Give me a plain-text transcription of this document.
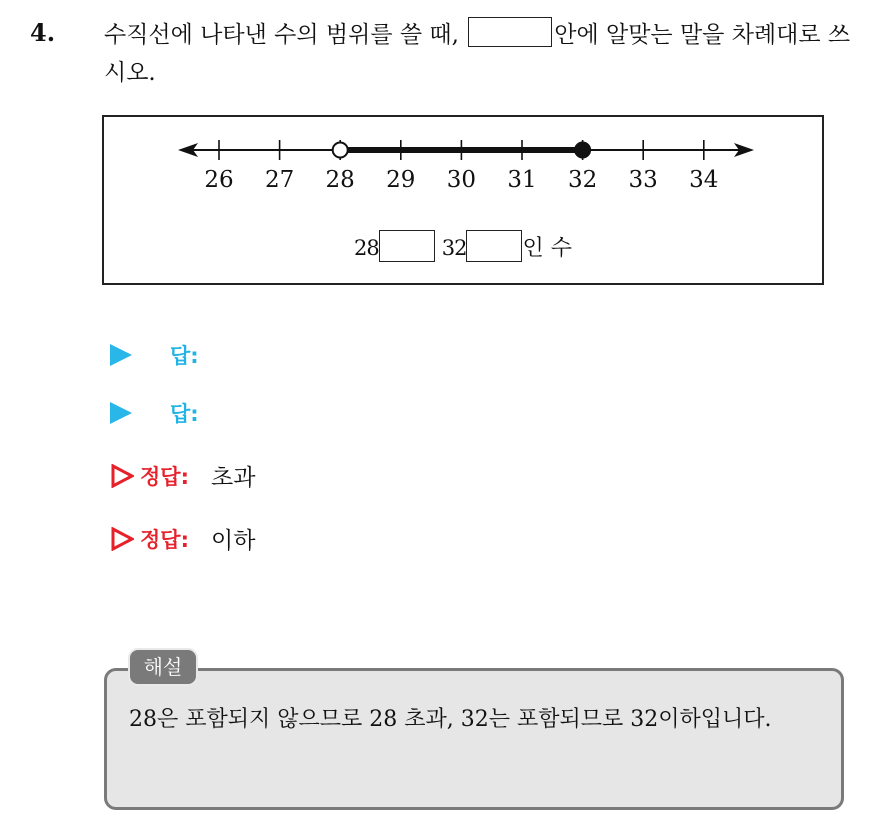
4. 수직선에 나타낸 수의 범위를 쓸 때,	안에 알맞는 말을 차례대로 쓰시오.
26 27 28 29 30 31 32 33 34
28	32	인 수
답:
답:
정답: 초과
정답: 이하
해설
28은 포함되지 않으므로 28 초과, 32는 포함되므로 32이하입니다.
